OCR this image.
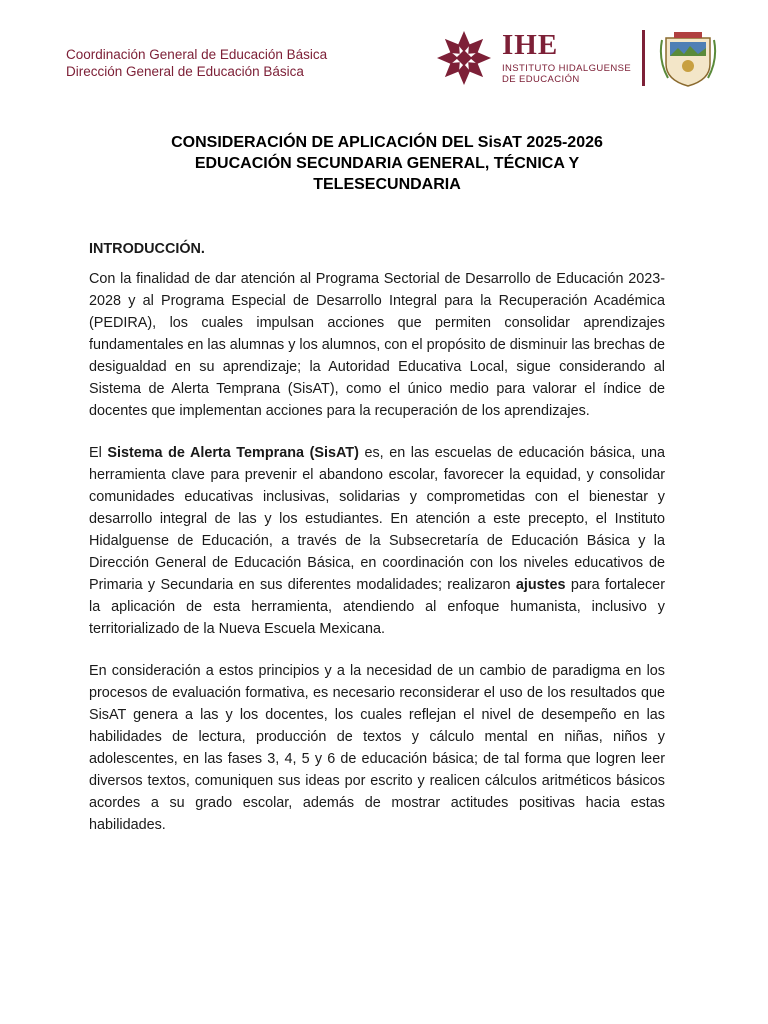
Coordinación General de Educación Básica
Dirección General de Educación Básica
IHE
INSTITUTO HIDALGUENSE
DE EDUCACIÓN
CONSIDERACIÓN DE APLICACIÓN DEL SisAT 2025-2026
EDUCACIÓN SECUNDARIA GENERAL, TÉCNICA Y
TELESECUNDARIA

INTRODUCCIÓN.

Con la finalidad de dar atención al Programa Sectorial de Desarrollo de Educación 2023-2028 y al Programa Especial de Desarrollo Integral para la Recuperación Académica (PEDIRA), los cuales impulsan acciones que permiten consolidar aprendizajes fundamentales en las alumnas y los alumnos, con el propósito de disminuir las brechas de desigualdad en su aprendizaje; la Autoridad Educativa Local, sigue considerando al Sistema de Alerta Temprana (SisAT), como el único medio para valorar el índice de docentes que implementan acciones para la recuperación de los aprendizajes.

El Sistema de Alerta Temprana (SisAT) es, en las escuelas de educación básica, una herramienta clave para prevenir el abandono escolar, favorecer la equidad, y consolidar comunidades educativas inclusivas, solidarias y comprometidas con el bienestar y desarrollo integral de las y los estudiantes. En atención a este precepto, el Instituto Hidalguense de Educación, a través de la Subsecretaría de Educación Básica y la Dirección General de Educación Básica, en coordinación con los niveles educativos de Primaria y Secundaria en sus diferentes modalidades; realizaron ajustes para fortalecer la aplicación de esta herramienta, atendiendo al enfoque humanista, inclusivo y territorializado de la Nueva Escuela Mexicana.

En consideración a estos principios y a la necesidad de un cambio de paradigma en los procesos de evaluación formativa, es necesario reconsiderar el uso de los resultados que SisAT genera a las y los docentes, los cuales reflejan el nivel de desempeño en las habilidades de lectura, producción de textos y cálculo mental en niñas, niños y adolescentes, en las fases 3, 4, 5 y 6 de educación básica; de tal forma que logren leer diversos textos, comuniquen sus ideas por escrito y realicen cálculos aritméticos básicos acordes a su grado escolar, además de mostrar actitudes positivas hacia estas habilidades.
